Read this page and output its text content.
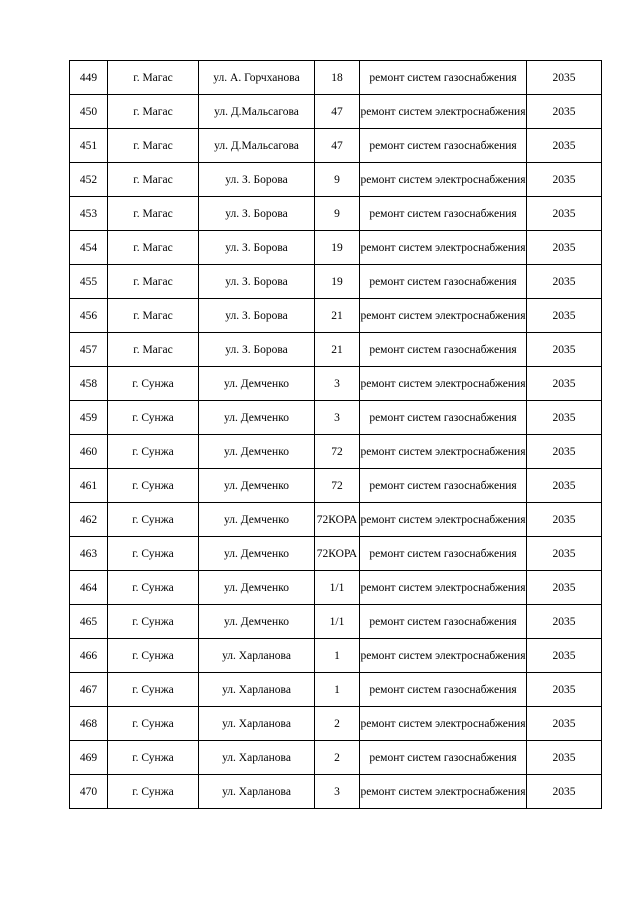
449	г. Магас	ул. А. Горчханова	18	ремонт систем газоснабжения	2035
450	г. Магас	ул. Д.Мальсагова	47	ремонт систем электроснабжения	2035
451	г. Магас	ул. Д.Мальсагова	47	ремонт систем газоснабжения	2035
452	г. Магас	ул. З. Борова	9	ремонт систем электроснабжения	2035
453	г. Магас	ул. З. Борова	9	ремонт систем газоснабжения	2035
454	г. Магас	ул. З. Борова	19	ремонт систем электроснабжения	2035
455	г. Магас	ул. З. Борова	19	ремонт систем газоснабжения	2035
456	г. Магас	ул. З. Борова	21	ремонт систем электроснабжения	2035
457	г. Магас	ул. З. Борова	21	ремонт систем газоснабжения	2035
458	г. Сунжа	ул. Демченко	3	ремонт систем электроснабжения	2035
459	г. Сунжа	ул. Демченко	3	ремонт систем газоснабжения	2035
460	г. Сунжа	ул. Демченко	72	ремонт систем электроснабжения	2035
461	г. Сунжа	ул. Демченко	72	ремонт систем газоснабжения	2035
462	г. Сунжа	ул. Демченко	72КОРА	ремонт систем электроснабжения	2035
463	г. Сунжа	ул. Демченко	72КОРА	ремонт систем газоснабжения	2035
464	г. Сунжа	ул. Демченко	1/1	ремонт систем электроснабжения	2035
465	г. Сунжа	ул. Демченко	1/1	ремонт систем газоснабжения	2035
466	г. Сунжа	ул. Харланова	1	ремонт систем электроснабжения	2035
467	г. Сунжа	ул. Харланова	1	ремонт систем газоснабжения	2035
468	г. Сунжа	ул. Харланова	2	ремонт систем электроснабжения	2035
469	г. Сунжа	ул. Харланова	2	ремонт систем газоснабжения	2035
470	г. Сунжа	ул. Харланова	3	ремонт систем электроснабжения	2035
